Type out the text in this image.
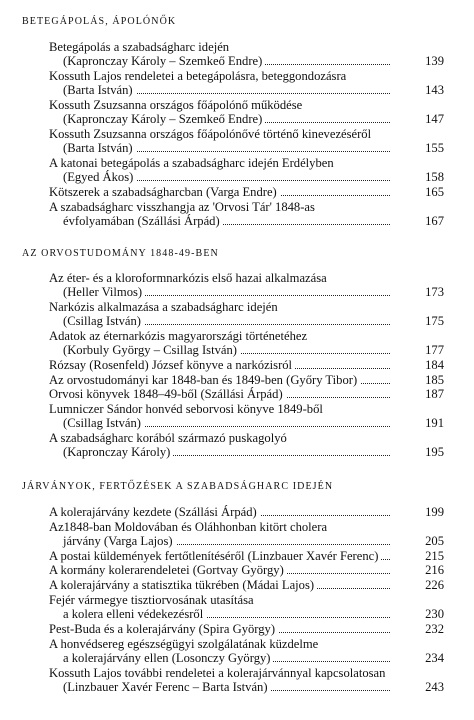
BETEGÁPOLÁS, ÁPOLÓNŐK
Betegápolás a szabadságharc idején
(Kapronczay Károly – Szemkeő Endre)	139
Kossuth Lajos rendeletei a betegápolásra, beteggondozásra
(Barta István)	143
Kossuth Zsuzsanna országos főápolónő működése
(Kapronczay Károly – Szemkeő Endre)	147
Kossuth Zsuzsanna országos főápolónővé történő kinevezéséről
(Barta István)	155
A katonai betegápolás a szabadságharc idején Erdélyben
(Egyed Ákos)	158
Kötszerek a szabadságharcban (Varga Endre)	165
A szabadságharc visszhangja az 'Orvosi Tár' 1848-as
évfolyamában (Szállási Árpád)	167
AZ ORVOSTUDOMÁNY 1848-49-BEN
Az éter- és a kloroformnarkózis első hazai alkalmazása
(Heller Vilmos)	173
Narkózis alkalmazása a szabadságharc idején
(Csillag István)	175
Adatok az éternarkózis magyarországi történetéhez
(Korbuly György – Csillag István)	177
Rózsay (Rosenfeld) József könyve a narkózisról	184
Az orvostudományi kar 1848-ban és 1849-ben (Győry Tibor)	185
Orvosi könyvek 1848–49-ből (Szállási Árpád)	187
Lumniczer Sándor honvéd seborvosi könyve 1849-ből
(Csillag István)	191
A szabadságharc korából származó puskagolyó
(Kapronczay Károly)	195
JÁRVÁNYOK, FERTŐZÉSEK A SZABADSÁGHARC IDEJÉN
A kolerajárvány kezdete (Szállási Árpád)	199
Az1848-ban Moldovában és Oláhhonban kitört cholera
járvány (Varga Lajos)	205
A postai küldemények fertőtlenítéséről (Linzbauer Xavér Ferenc)	215
A kormány kolerarendeletei (Gortvay György)	216
A kolerajárvány a statisztika tükrében (Mádai Lajos)	226
Fejér vármegye tisztiorvosának utasítása
a kolera elleni védekezésről	230
Pest-Buda és a kolerajárvány (Spira György)	232
A honvédsereg egészségügyi szolgálatának küzdelme
a kolerajárvány ellen (Losonczy György)	234
Kossuth Lajos további rendeletei a kolerajárvánnyal kapcsolatosan
(Linzbauer Xavér Ferenc – Barta István)	243
